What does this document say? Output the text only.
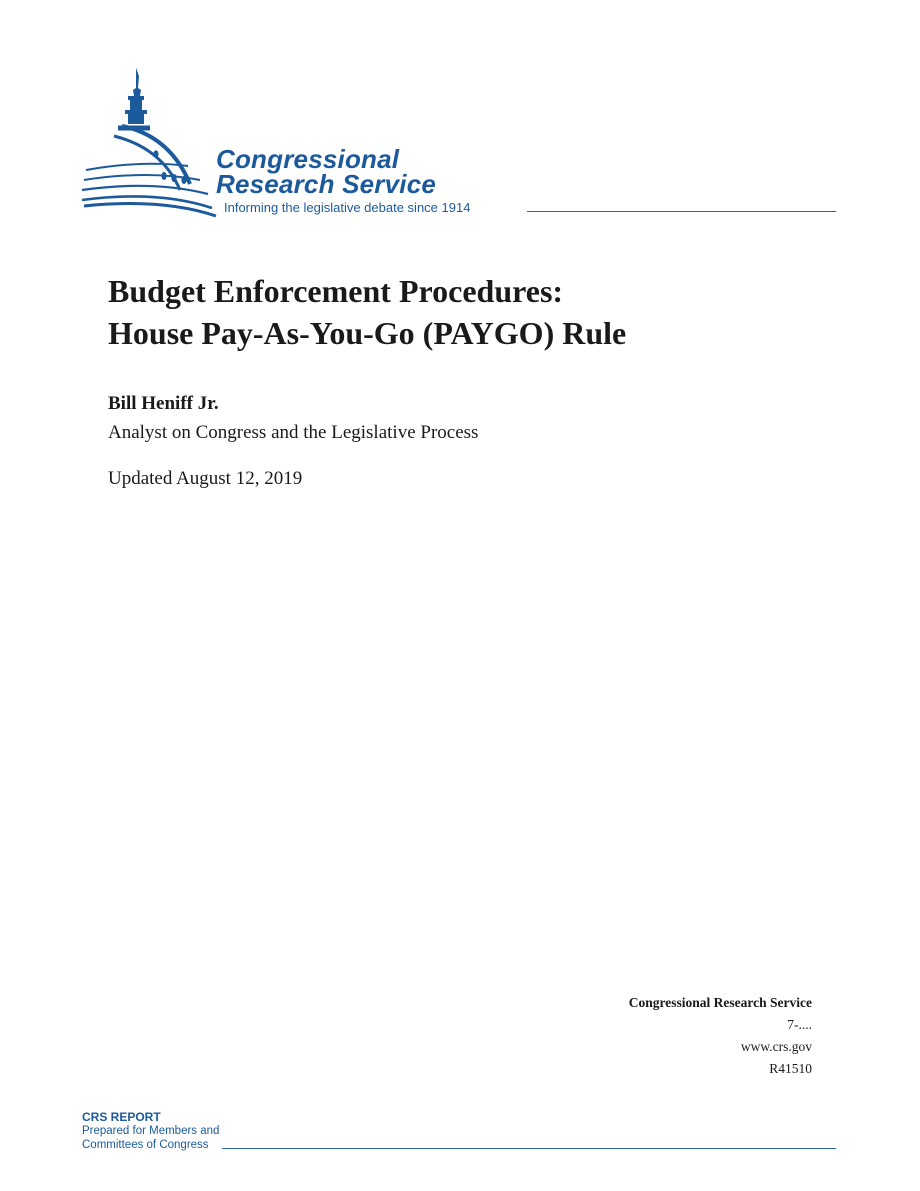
Congressional
Research Service
Informing the legislative debate since 1914
Budget Enforcement Procedures:
House Pay-As-You-Go (PAYGO) Rule
Bill Heniff Jr.
Analyst on Congress and the Legislative Process
Updated August 12, 2019
Congressional Research Service
7-....
www.crs.gov
R41510
CRS REPORT
Prepared for Members and
Committees of Congress
